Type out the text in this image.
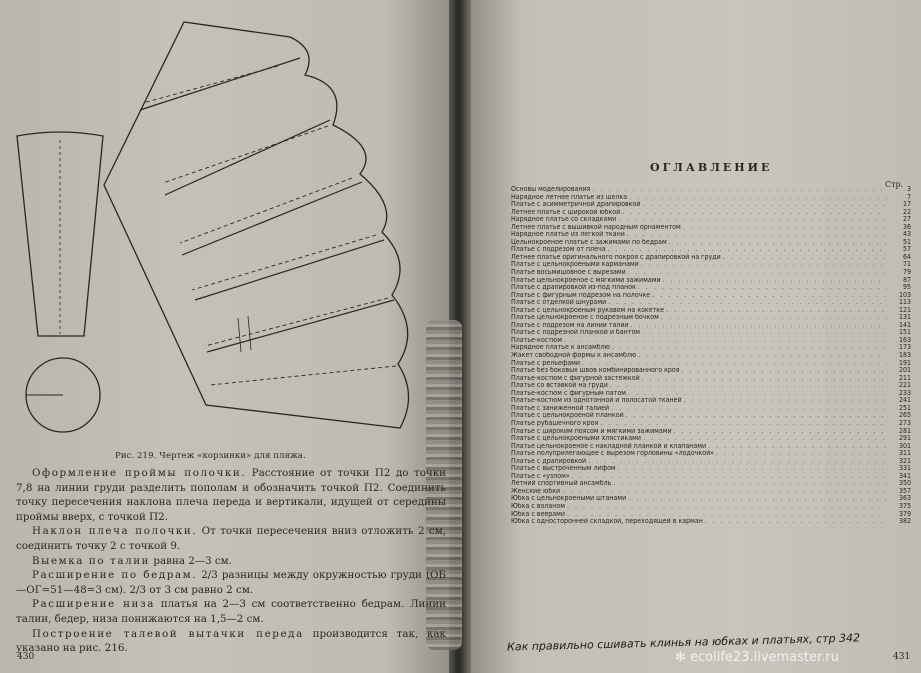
Рис. 219. Чертеж «корзинки» для пляжа.

Оформление проймы полочки. Расстояние от точки П2 до точки 7,8 на линии груди разделить пополам и обозначить точкой П2. Соединить точку пересечения наклона плеча переда и вертикали, идущей от середины проймы вверх, с точкой П2.

Наклон плеча полочки. От точки пересечения вниз отложить 2 см, соединить точку 2 с точкой 9.

Выемка по талии равна 2—3 см.

Расширение по бедрам. 2/3 разницы между окружностью груди (ОБ—ОГ=51—48=3 см). 2/3 от 3 см равно 2 см.

Расширение низа платья на 2—3 см соответственно бедрам. Линии талии, бедер, низа понижаются на 1,5—2 см.

Построение талевой вытачки переда производится так, как указано на рис. 216.

430
ОГЛАВЛЕНИЕ
Стр.
Основы моделирования . . .	3
Нарядное летнее платье из шелка . . .	7
Платье с асимметричной драпировкой . . .	17
Летнее платье с широкой юбкой . . .	22
Нарядное платье со складками . . .	27
Летнее платье с вышивкой народным орнаментом . . .	36
Нарядное платье из легкой ткани . . .	43
Цельнокроеное платье с зажимами по бедрам . . .	51
Платье с подрезом от плеча . . .	57
Летнее платье оригинального покроя с драпировкой на груди . . .	64
Платье с цельнокроеными карманами . . .	71
Платье восьмишовное с вырезами . . .	79
Платье цельнокроеное с мягкими зажимами . . .	87
Платье с драпировкой из-под планок . . .	95
Платье с фигурным подрезом на полочке . . .	103
Платье с отделкой шнурами . . .	113
Платье с цельнокроеным рукавом на кокетке . . .	121
Платье цельнокроеное с подрезным бочком . . .	131
Платье с подрезом на линии талии . . .	141
Платье с подрезной планкой и бантом . . .	151
Платье-костюм . . .	163
Нарядное платье к ансамблю . . .	173
Жакет свободной формы к ансамблю . . .	183
Платье с рельефами . . .	191
Платье без боковых швов комбинированного кроя . . .	201
Платье-костюм с фигурной застежкой . . .	211
Платье со вставкой на груди . . .	221
Платье-костюм с фигурным патом . . .	233
Платье-костюм из однотонной и полосатой тканей . . .	241
Платье с заниженной талией . . .	251
Платье с цельнокроеной планкой . . .	265
Платье рубашечного кроя . . .	273
Платье с широким поясом и мягкими зажимами . . .	281
Платье с цельнокроеными хлястиками . . .	291
Платье цельнокроеное с накладной планкой и клапанами . . .	301
Платье полуприлегающее с вырезом горловины «лодочкой» . . .	311
Платье с драпировкой . . .	321
Платье с выстроченным лифом . . .	331
Платье с «узлом» . . .	341
Летний спортивный ансамбль . . .	350
Женские юбки . . .	357
Юбка с цельнокроеными штанами . . .	363
Юбка с воланом . . .	375
Юбка с веерами . . .	379
Юбка с односторонней складкой, переходящей в карман . . .	382
Как правильно сшивать клинья на юбках и платьях, стр 342
431
✻ ecolife23.livemaster.ru
